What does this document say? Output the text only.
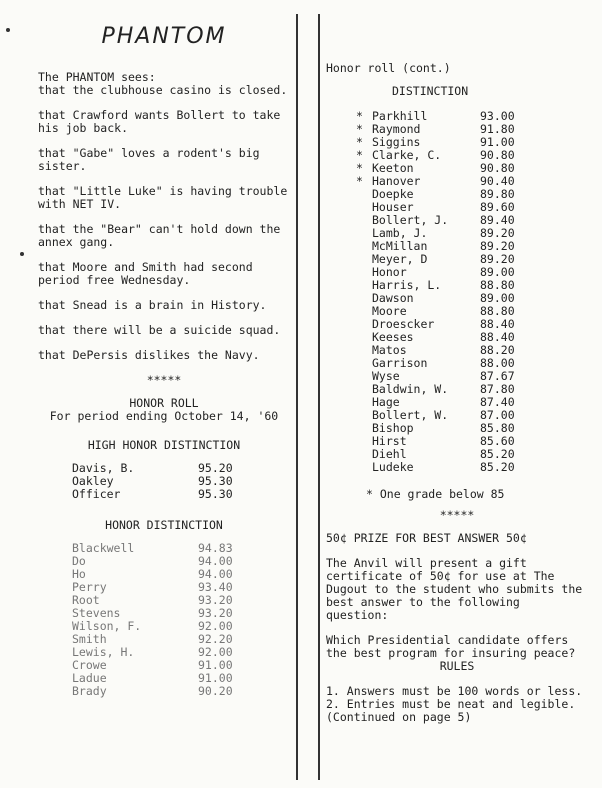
PHANTOM

The PHANTOM sees:
that the clubhouse casino is closed.

that Crawford wants Bollert to take his job back.

that "Gabe" loves a rodent's big sister.

that "Little Luke" is having trouble with NET IV.

that the "Bear" can't hold down the annex gang.

that Moore and Smith had second period free Wednesday.

that Snead is a brain in History.

that there will be a suicide squad.

that DePersis dislikes the Navy.

*****
HONOR ROLL
For period ending October 14, '60
HIGH HONOR DISTINCTION
Davis, B.	95.20
Oakley	95.30
Officer	95.30
HONOR DISTINCTION
Blackwell	94.83
Do	94.00
Ho	94.00
Perry	93.40
Root	93.20
Stevens	93.20
Wilson, F.	92.00
Smith	92.20
Lewis, H.	92.00
Crowe	91.00
Ladue	91.00
Brady	90.20
Honor roll (cont.)
DISTINCTION
*	Parkhill	93.00
*	Raymond	91.80
*	Siggins	91.00
*	Clarke, C.	90.80
*	Keeton	90.80
*	Hanover	90.40
	Doepke	89.80
	Houser	89.60
	Bollert, J.	89.40
	Lamb, J.	89.20
	McMillan	89.20
	Meyer, D	89.20
	Honor	89.00
	Harris, L.	88.80
	Dawson	89.00
	Moore	88.80
	Droescker	88.40
	Keeses	88.40
	Matos	88.20
	Garrison	88.00
	Wyse	87.67
	Baldwin, W.	87.80
	Hage	87.40
	Bollert, W.	87.00
	Bishop	85.80
	Hirst	85.60
	Diehl	85.20
	Ludeke	85.20
* One grade below 85
*****
50¢ PRIZE FOR BEST ANSWER 50¢

The Anvil will present a gift certificate of 50¢ for use at The Dugout to the student who submits the best answer to the following question:

Which Presidential candidate offers the best program for insuring peace?

RULES
1. Answers must be 100 words or less.
2. Entries must be neat and legible. (Continued on page 5)
